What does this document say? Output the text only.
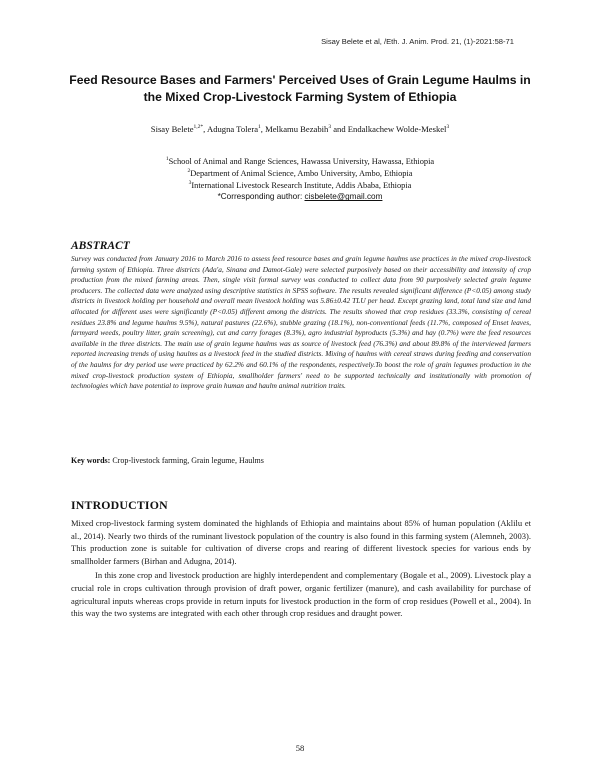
Sisay Belete et al, /Eth. J. Anim. Prod. 21, (1)-2021:58-71
Feed Resource Bases and Farmers' Perceived Uses of Grain Legume Haulms in the Mixed Crop-Livestock Farming System of Ethiopia
Sisay Belete$^{1,2*}$, Adugna Tolera$^1$, Melkamu Bezabih$^3$ and Endalkachew Wolde-Meskel$^3$
$^1$School of Animal and Range Sciences, Hawassa University, Hawassa, Ethiopia
$^2$Department of Animal Science, Ambo University, Ambo, Ethiopia
$^3$International Livestock Research Institute, Addis Ababa, Ethiopia
*Corresponding author: cisbelete@gmail.com
ABSTRACT
Survey was conducted from January 2016 to March 2016 to assess feed resource bases and grain legume haulms use practices in the mixed crop-livestock farming system of Ethiopia. Three districts (Ada'a, Sinana and Damot-Gale) were selected purposively based on their accessibility and intensity of crop production from the mixed farming areas. Then, single visit formal survey was conducted to collect data from 90 purposively selected grain legume producers. The collected data were analyzed using descriptive statistics in SPSS software. The results revealed significant difference (P<0.05) among study districts in livestock holding per household and overall mean livestock holding was 5.86±0.42 TLU per head. Except grazing land, total land size and land allocated for different uses were significantly (P<0.05) different among the districts. The results showed that crop residues (33.3%, consisting of cereal residues 23.8% and legume haulms 9.5%), natural pastures (22.6%), stubble grazing (18.1%), non-conventional feeds (11.7%, composed of Enset leaves, farmyard weeds, poultry litter, grain screening), cut and carry forages (8.3%), agro industrial byproducts (5.3%) and hay (0.7%) were the feed resources available in the three districts. The main use of grain legume haulms was as source of livestock feed (76.3%) and about 89.8% of the interviewed farmers reported increasing trends of using haulms as a livestock feed in the studied districts. Mixing of haulms with cereal straws during feeding and conservation of the haulms for dry period use were practiced by 62.2% and 60.1% of the respondents, respectively.To boost the role of grain legumes production in the mixed crop-livestock production system of Ethiopia, smallholder farmers' need to be supported technically and institutionally with promotion of technologies which have potential to improve grain human and haulm animal nutrition traits.
Key words: Crop-livestock farming, Grain legume, Haulms
INTRODUCTION

Mixed crop-livestock farming system dominated the highlands of Ethiopia and maintains about 85% of human population (Aklilu et al., 2014). Nearly two thirds of the ruminant livestock population of the country is also found in this farming system (Alemneh, 2003). This production zone is suitable for cultivation of diverse crops and rearing of different livestock species for various ends by smallholder farmers (Birhan and Adugna, 2014).

In this zone crop and livestock production are highly interdependent and complementary (Bogale et al., 2009). Livestock play a crucial role in crops cultivation through provision of draft power, organic fertilizer (manure), and cash availability for purchase of agricultural inputs whereas crops provide in return inputs for livestock production in the form of crop residues (Powell et al., 2004). In this way the two systems are integrated with each other through crop residues and draught power.

58
